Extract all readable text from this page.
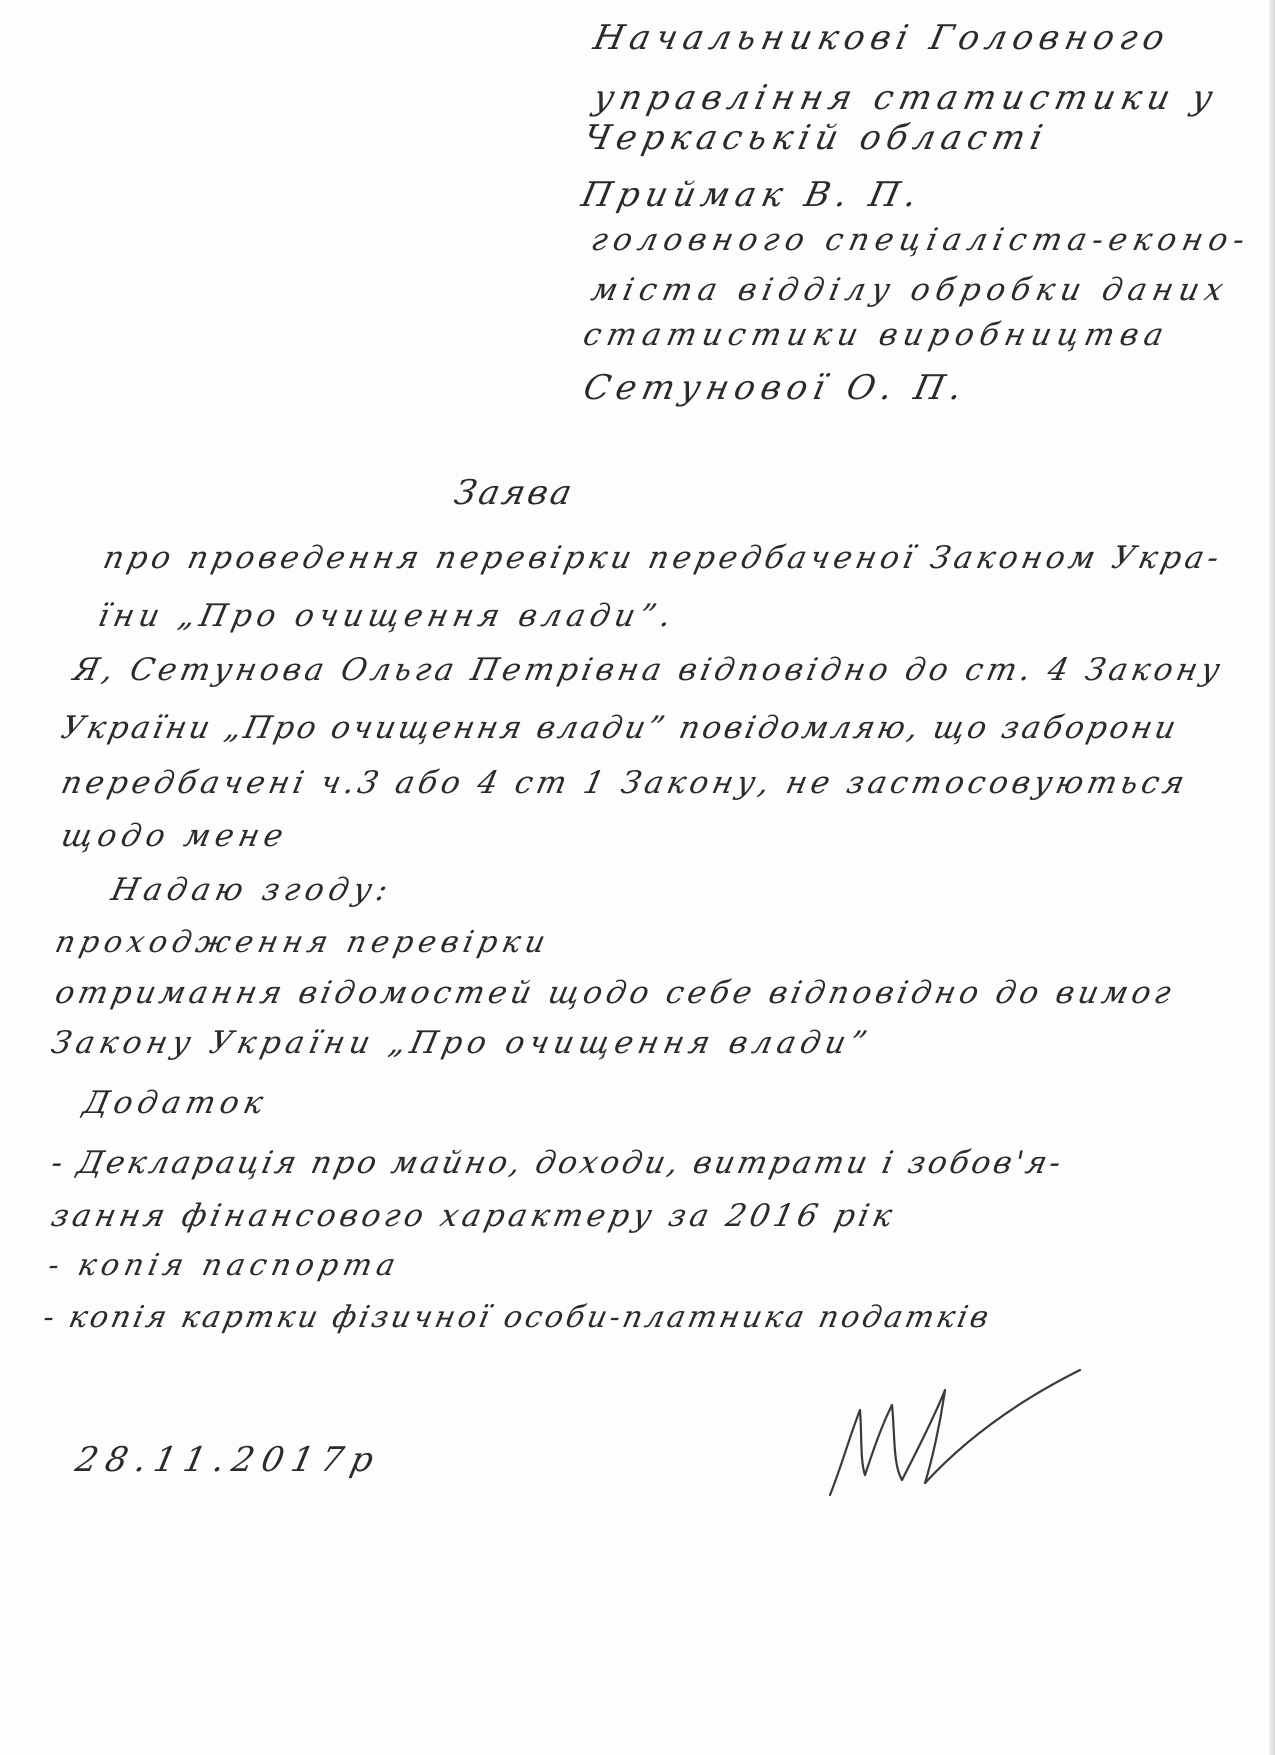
Начальникові Головного
управління статистики у
Черкаській області
Приймак В. П.
головного спеціаліста-еконо-
міста відділу обробки даних
статистики виробництва
Сетунової О. П.
Заява
про проведення перевірки передбаченої Законом Укра-
їни „Про очищення влади”.
Я, Сетунова Ольга Петрівна відповідно до ст. 4 Закону
України „Про очищення влади” повідомляю, що заборони
передбачені ч.3 або 4 ст 1 Закону, не застосовуються
щодо мене
Надаю згоду:
проходження перевірки
отримання відомостей щодо себе відповідно до вимог
Закону України „Про очищення влади”
Додаток
- Декларація про майно, доходи, витрати і зобов'я-
зання фінансового характеру за 2016 рік
- копія паспорта
- копія картки фізичної особи-платника податків
28.11.2017р
